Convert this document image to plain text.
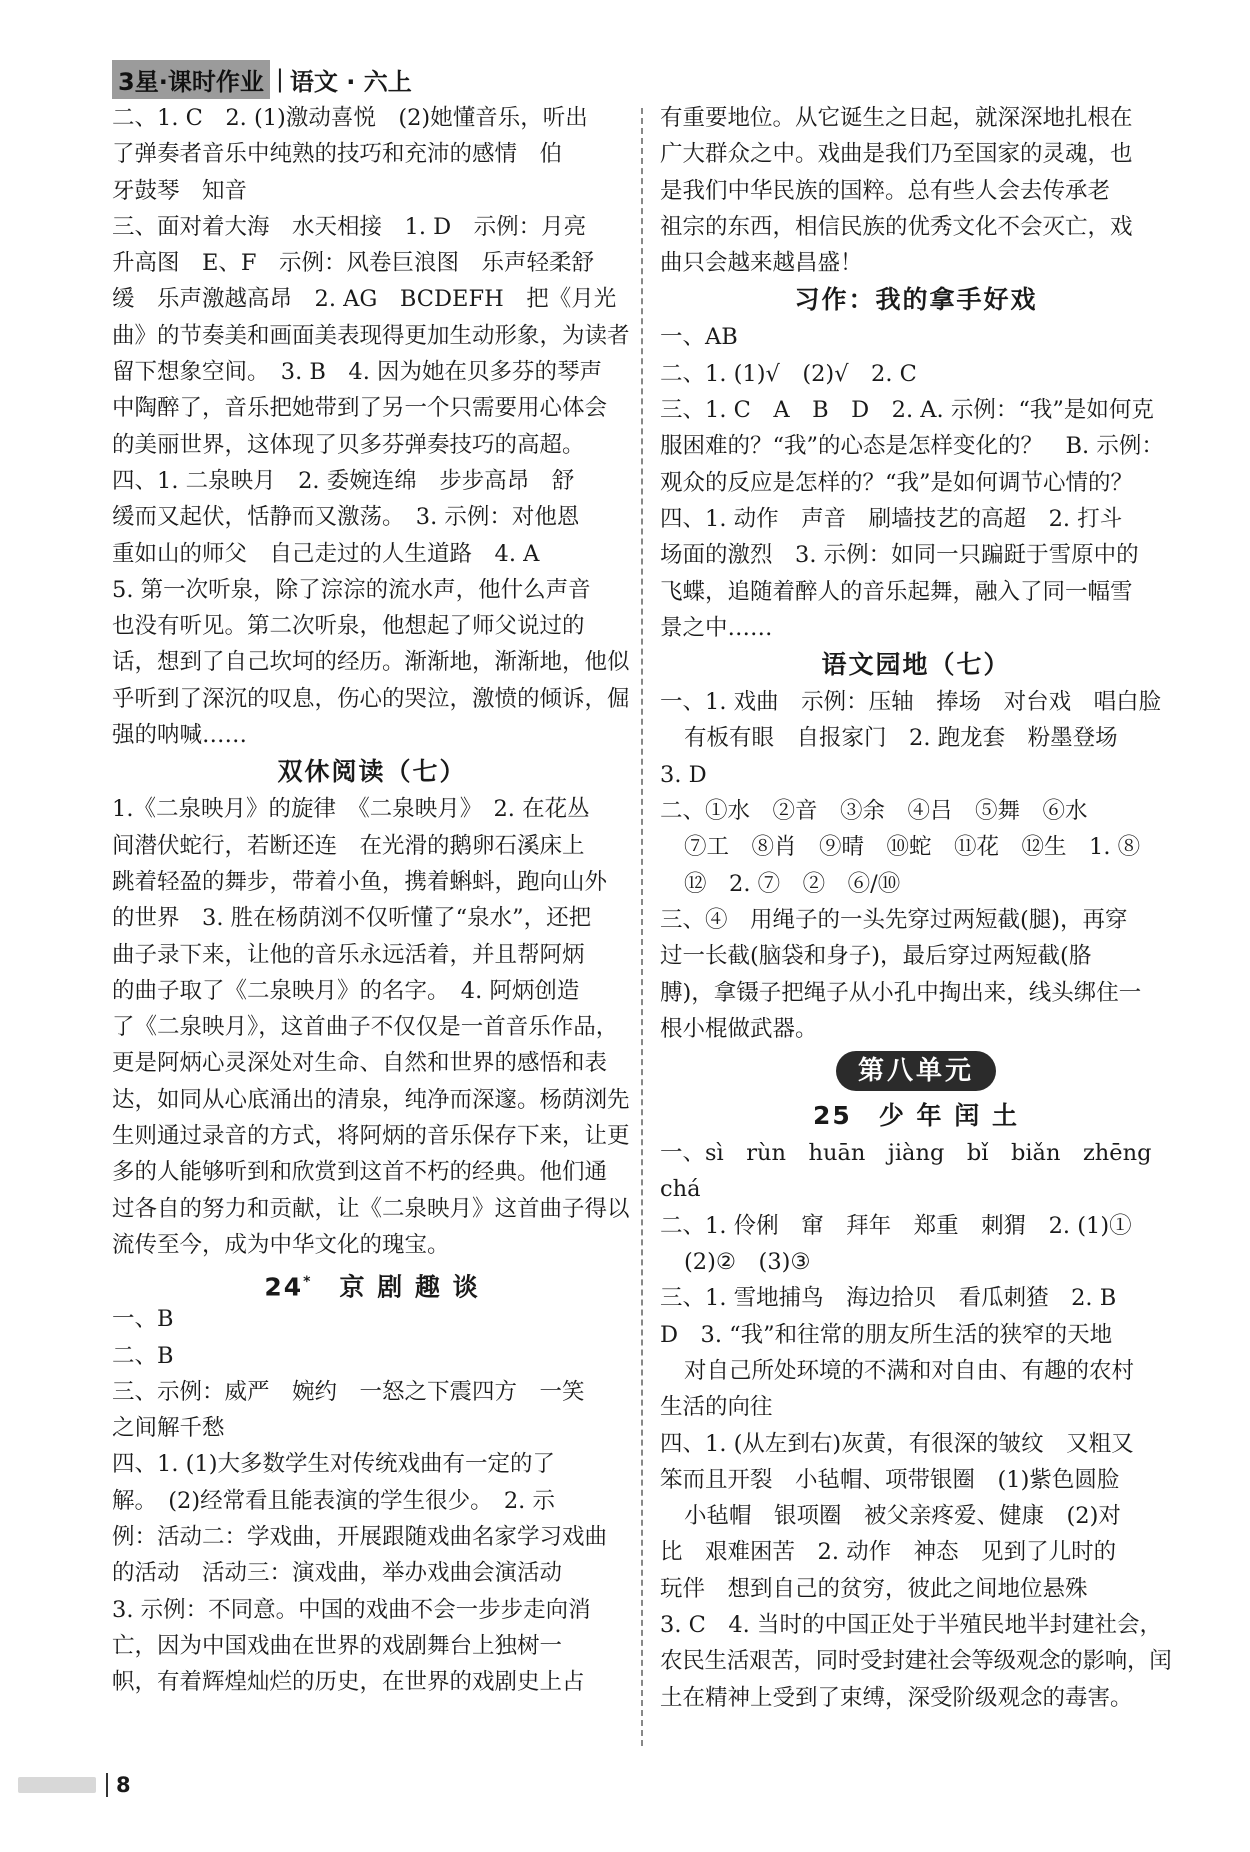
3星·课时作业 | 语文 · 六上
二、1. C　2. (1)激动喜悦　(2)她懂音乐，听出
了弹奏者音乐中纯熟的技巧和充沛的感情　伯
牙鼓琴　知音
三、面对着大海　水天相接　1. D　示例：月亮
升高图　E、F　示例：风卷巨浪图　乐声轻柔舒
缓　乐声激越高昂　2. AG　BCDEFH　把《月光
曲》的节奏美和画面美表现得更加生动形象，为读者
留下想象空间。　3. B　4. 因为她在贝多芬的琴声
中陶醉了，音乐把她带到了另一个只需要用心体会
的美丽世界，这体现了贝多芬弹奏技巧的高超。
四、1. 二泉映月　2. 委婉连绵　步步高昂　舒
缓而又起伏，恬静而又激荡。　3. 示例：对他恩
重如山的师父　自己走过的人生道路　4. A
5. 第一次听泉，除了淙淙的流水声，他什么声音
也没有听见。第二次听泉，他想起了师父说过的
话，想到了自己坎坷的经历。渐渐地，渐渐地，他似
乎听到了深沉的叹息，伤心的哭泣，激愤的倾诉，倔
强的呐喊……
双休阅读（七）
1.《二泉映月》的旋律　《二泉映月》　2. 在花丛
间潜伏蛇行，若断还连　在光滑的鹅卵石溪床上
跳着轻盈的舞步，带着小鱼，携着蝌蚪，跑向山外
的世界　3. 胜在杨荫浏不仅听懂了“泉水”，还把
曲子录下来，让他的音乐永远活着，并且帮阿炳
的曲子取了《二泉映月》的名字。　4. 阿炳创造
了《二泉映月》，这首曲子不仅仅是一首音乐作品，
更是阿炳心灵深处对生命、自然和世界的感悟和表
达，如同从心底涌出的清泉，纯净而深邃。杨荫浏先
生则通过录音的方式，将阿炳的音乐保存下来，让更
多的人能够听到和欣赏到这首不朽的经典。他们通
过各自的努力和贡献，让《二泉映月》这首曲子得以
流传至今，成为中华文化的瑰宝。
24*  京 剧 趣 谈
一、B
二、B
三、示例：威严　婉约　一怒之下震四方　一笑
之间解千愁
四、1. (1)大多数学生对传统戏曲有一定的了
解。　(2)经常看且能表演的学生很少。　2. 示
例：活动二：学戏曲，开展跟随戏曲名家学习戏曲
的活动　活动三：演戏曲，举办戏曲会演活动
3. 示例：不同意。中国的戏曲不会一步步走向消
亡，因为中国戏曲在世界的戏剧舞台上独树一
帜，有着辉煌灿烂的历史，在世界的戏剧史上占
有重要地位。从它诞生之日起，就深深地扎根在
广大群众之中。戏曲是我们乃至国家的灵魂，也
是我们中华民族的国粹。总有些人会去传承老
祖宗的东西，相信民族的优秀文化不会灭亡，戏
曲只会越来越昌盛！
习作：我的拿手好戏
一、AB
二、1. (1)√　(2)√　2. C
三、1. C　A　B　D　2. A. 示例：“我”是如何克
服困难的？“我”的心态是怎样变化的？　B. 示例：
观众的反应是怎样的？“我”是如何调节心情的？
四、1. 动作　声音　刷墙技艺的高超　2. 打斗
场面的激烈　3. 示例：如同一只蹁跹于雪原中的
飞蝶，追随着醉人的音乐起舞，融入了同一幅雪
景之中……
语文园地（七）
一、1. 戏曲　示例：压轴　捧场　对台戏　唱白脸
有板有眼　自报家门　2. 跑龙套　粉墨登场
3. D
二、①水　②音　③余　④吕　⑤舞　⑥水
⑦工　⑧肖　⑨晴　⑩蛇　⑪花　⑫生　1. ⑧
⑫　2. ⑦　②　⑥/⑩
三、④　用绳子的一头先穿过两短截(腿)，再穿
过一长截(脑袋和身子)，最后穿过两短截(胳
膊)，拿镊子把绳子从小孔中掏出来，线头绑住一
根小棍做武器。
第八单元
25  少 年 闰 土
一、sì　rùn　huān　jiàng　bǐ　biǎn　zhēng
chá
二、1. 伶俐　窜　拜年　郑重　刺猬　2. (1)①
(2)②　(3)③
三、1. 雪地捕鸟　海边拾贝　看瓜刺猹　2. B
D　3. “我”和往常的朋友所生活的狭窄的天地
对自己所处环境的不满和对自由、有趣的农村
生活的向往
四、1. (从左到右)灰黄，有很深的皱纹　又粗又
笨而且开裂　小毡帽、项带银圈　(1)紫色圆脸
小毡帽　银项圈　被父亲疼爱、健康　(2)对
比　艰难困苦　2. 动作　神态　见到了儿时的
玩伴　想到自己的贫穷，彼此之间地位悬殊
3. C　4. 当时的中国正处于半殖民地半封建社会，
农民生活艰苦，同时受封建社会等级观念的影响，闰
土在精神上受到了束缚，深受阶级观念的毒害。
8
